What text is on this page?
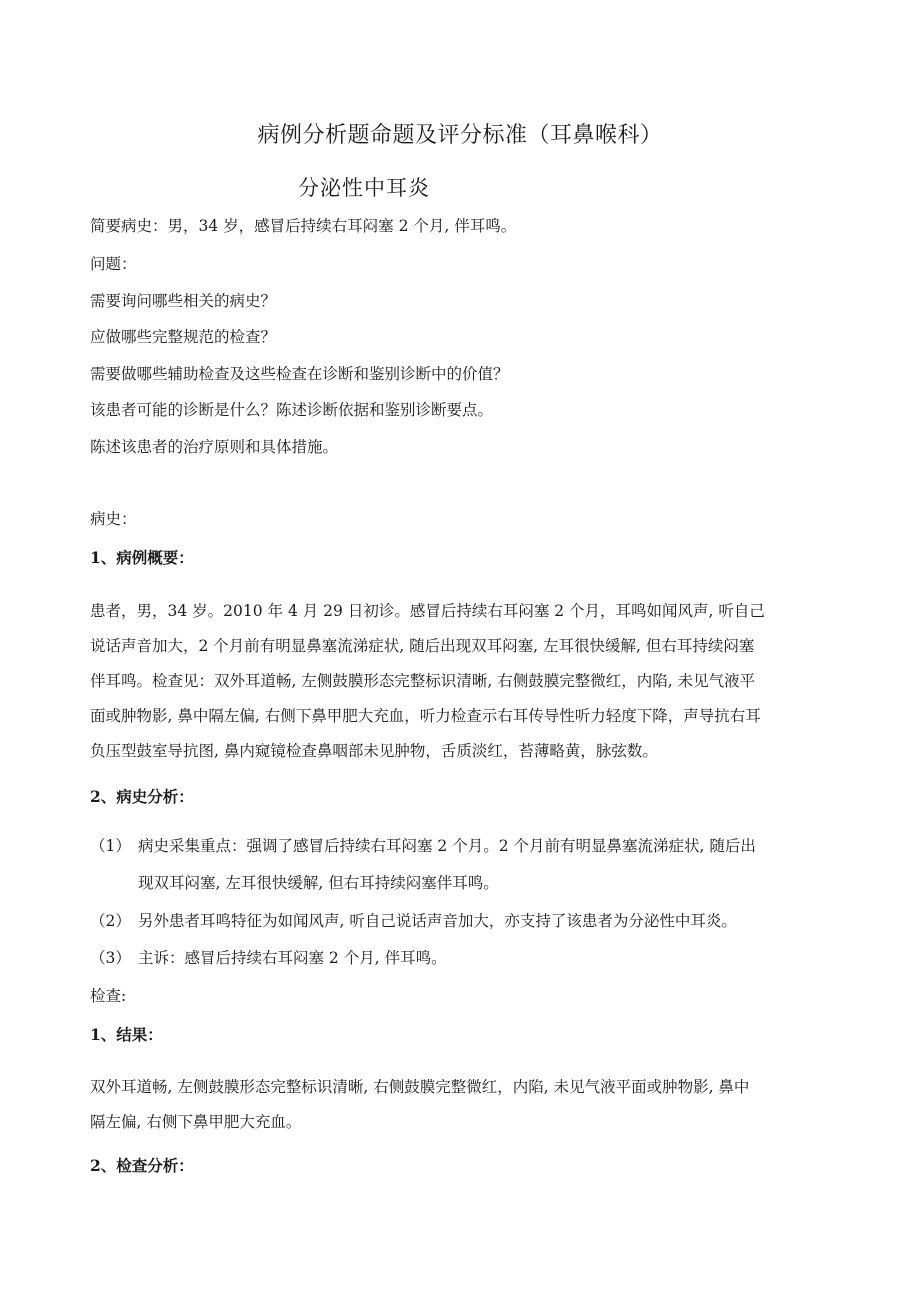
病例分析题命题及评分标准（耳鼻喉科）
分泌性中耳炎
简要病史：男，34 岁，感冒后持续右耳闷塞 2 个月, 伴耳鸣。
问题：
需要询问哪些相关的病史？
应做哪些完整规范的检查？
需要做哪些辅助检查及这些检查在诊断和鉴别诊断中的价值？
该患者可能的诊断是什么？陈述诊断依据和鉴别诊断要点。
陈述该患者的治疗原则和具体措施。
病史：
1、病例概要：
患者，男，34 岁。2010 年 4 月 29 日初诊。感冒后持续右耳闷塞 2 个月，耳鸣如闻风声, 听自己
说话声音加大，2 个月前有明显鼻塞流涕症状, 随后出现双耳闷塞, 左耳很快缓解, 但右耳持续闷塞
伴耳鸣。检查见：双外耳道畅, 左侧鼓膜形态完整标识清晰, 右侧鼓膜完整微红，内陷, 未见气液平
面或肿物影, 鼻中隔左偏, 右侧下鼻甲肥大充血，听力检查示右耳传导性听力轻度下降，声导抗右耳
负压型鼓室导抗图, 鼻内窥镜检查鼻咽部未见肿物，舌质淡红，苔薄略黄，脉弦数。
2、病史分析：
（1） 病史采集重点：强调了感冒后持续右耳闷塞 2 个月。2 个月前有明显鼻塞流涕症状, 随后出
现双耳闷塞, 左耳很快缓解, 但右耳持续闷塞伴耳鸣。
（2） 另外患者耳鸣特征为如闻风声, 听自己说话声音加大，亦支持了该患者为分泌性中耳炎。
（3） 主诉：感冒后持续右耳闷塞 2 个月, 伴耳鸣。
检查:
1、结果：
双外耳道畅, 左侧鼓膜形态完整标识清晰, 右侧鼓膜完整微红，内陷, 未见气液平面或肿物影, 鼻中
隔左偏, 右侧下鼻甲肥大充血。
2、检查分析：
